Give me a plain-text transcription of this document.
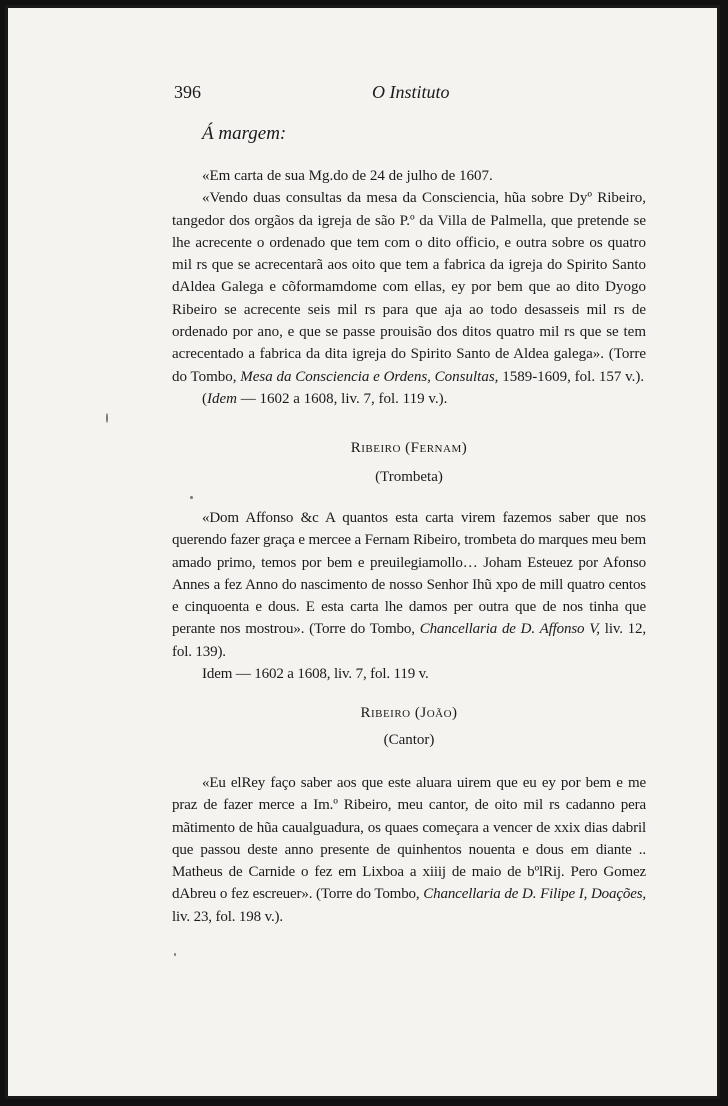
396	O Instituto
Á margem:

«Em carta de sua Mg.do de 24 de julho de 1607.

«Vendo duas consultas da mesa da Consciencia, hũa sobre Dyº Ribeiro, tangedor dos orgãos da igreja de são P.º da Villa de Palmella, que pretende se lhe acrecente o ordenado que tem com o dito officio, e outra sobre os quatro mil rs que se acrecentarã aos oito que tem a fabrica da igreja do Spirito Santo dAldea Galega e cõformamdome com ellas, ey por bem que ao dito Dyogo Ribeiro se acrecente seis mil rs para que aja ao todo desasseis mil rs de ordenado por ano, e que se passe prouisão dos ditos quatro mil rs que se tem acrecentado a fabrica da dita igreja do Spirito Santo de Aldea galega». (Torre do Tombo, Mesa da Consciencia e Ordens, Consultas, 1589-1609, fol. 157 v.).

(Idem — 1602 a 1608, liv. 7, fol. 119 v.).

Ribeiro (Fernam)
(Trombeta)

«Dom Affonso &c A quantos esta carta virem fazemos saber que nos querendo fazer graça e mercee a Fernam Ribeiro, trombeta do marques meu bem amado primo, temos por bem e preuilegiamollo… Joham Esteuez por Afonso Annes a fez Anno do nascimento de nosso Senhor Ihũ xpo de mill quatro centos e cinquoenta e dous. E esta carta lhe damos per outra que de nos tinha que perante nos mostrou». (Torre do Tombo, Chancellaria de D. Affonso V, liv. 12, fol. 139).

Idem — 1602 a 1608, liv. 7, fol. 119 v.

Ribeiro (João)
(Cantor)

«Eu elRey faço saber aos que este aluara uirem que eu ey por bem e me praz de fazer merce a Im.º Ribeiro, meu cantor, de oito mil rs cadanno pera mãtimento de hũa caualguadura, os quaes começara a vencer de xxix dias dabril que passou deste anno presente de quinhentos nouenta e dous em diante .. Matheus de Carnide o fez em Lixboa a xiiij de maio de bºlRij. Pero Gomez dAbreu o fez escreuer». (Torre do Tombo, Chancellaria de D. Filipe I, Doações, liv. 23, fol. 198 v.).
